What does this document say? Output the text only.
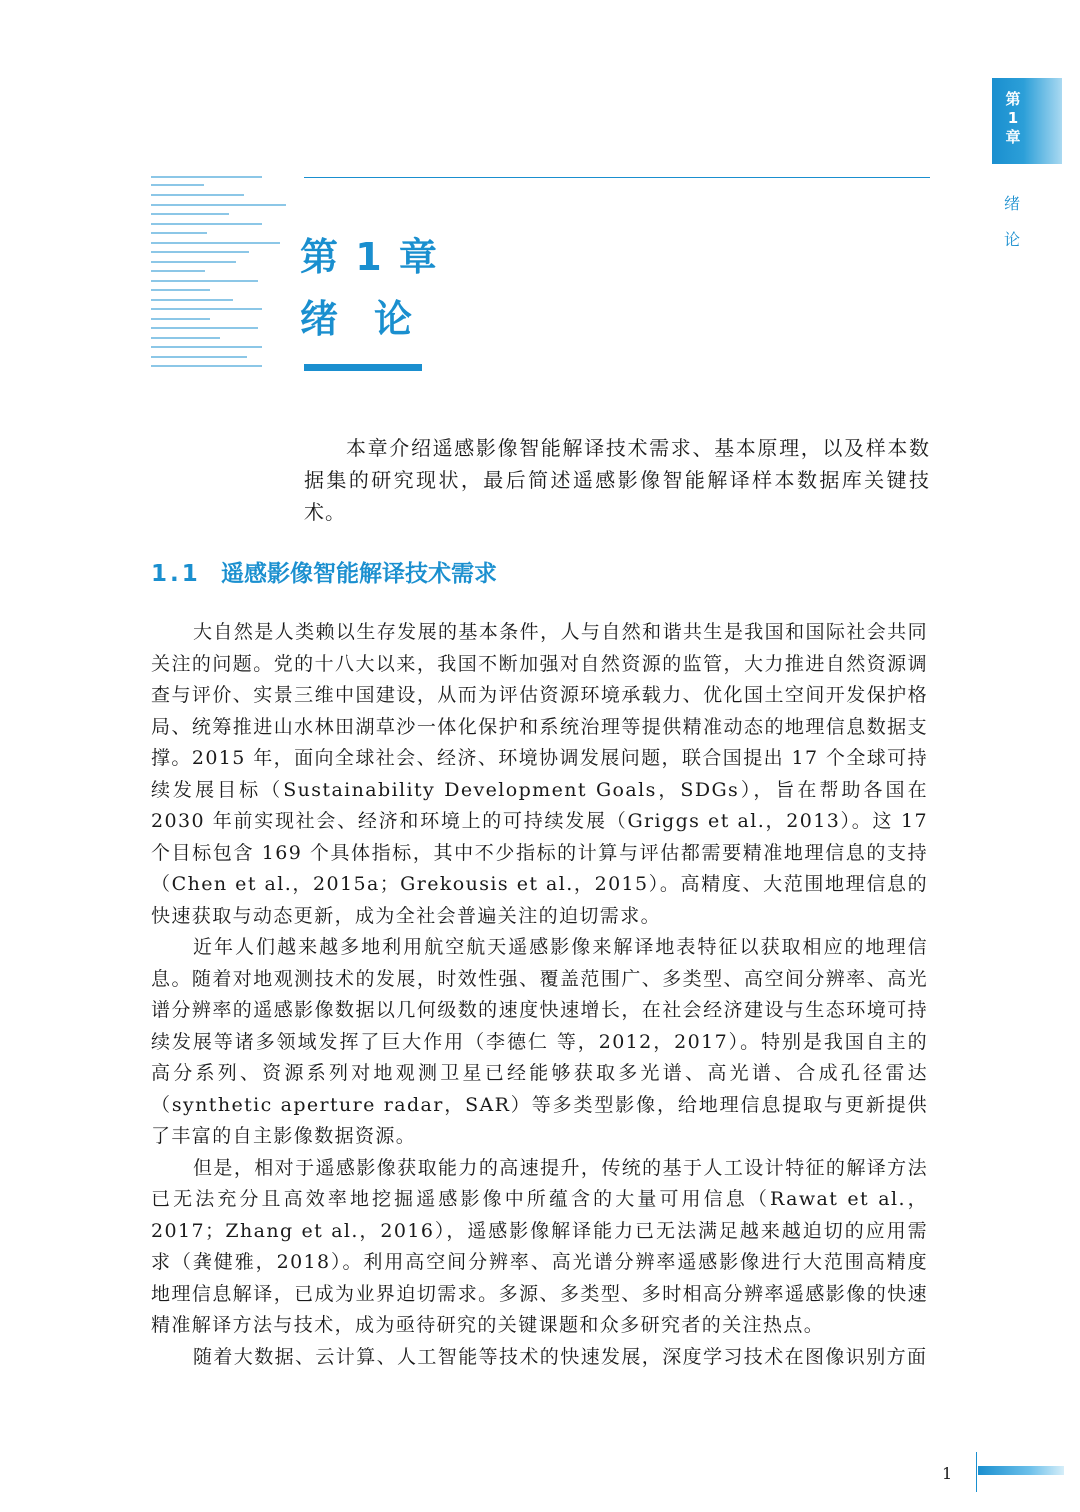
第
1
章
绪
论
第 1 章
绪论
本章介绍遥感影像智能解译技术需求、基本原理，以及样本数据集的研究现状，最后简述遥感影像智能解译样本数据库关键技术。
1.1 遥感影像智能解译技术需求

大自然是人类赖以生存发展的基本条件，人与自然和谐共生是我国和国际社会共同关注的问题。党的十八大以来，我国不断加强对自然资源的监管，大力推进自然资源调查与评价、实景三维中国建设，从而为评估资源环境承载力、优化国土空间开发保护格局、统筹推进山水林田湖草沙一体化保护和系统治理等提供精准动态的地理信息数据支撑。2015 年，面向全球社会、经济、环境协调发展问题，联合国提出 17 个全球可持续发展目标（Sustainability Development Goals，SDGs），旨在帮助各国在 2030 年前实现社会、经济和环境上的可持续发展（Griggs et al.，2013）。这 17 个目标包含 169 个具体指标，其中不少指标的计算与评估都需要精准地理信息的支持（Chen et al.，2015a；Grekousis et al.，2015）。高精度、大范围地理信息的快速获取与动态更新，成为全社会普遍关注的迫切需求。

近年人们越来越多地利用航空航天遥感影像来解译地表特征以获取相应的地理信息。随着对地观测技术的发展，时效性强、覆盖范围广、多类型、高空间分辨率、高光谱分辨率的遥感影像数据以几何级数的速度快速增长，在社会经济建设与生态环境可持续发展等诸多领域发挥了巨大作用（李德仁 等，2012，2017）。特别是我国自主的高分系列、资源系列对地观测卫星已经能够获取多光谱、高光谱、合成孔径雷达（synthetic aperture radar，SAR）等多类型影像，给地理信息提取与更新提供了丰富的自主影像数据资源。

但是，相对于遥感影像获取能力的高速提升，传统的基于人工设计特征的解译方法已无法充分且高效率地挖掘遥感影像中所蕴含的大量可用信息（Rawat et al.，2017；Zhang et al.，2016），遥感影像解译能力已无法满足越来越迫切的应用需求（龚健雅，2018）。利用高空间分辨率、高光谱分辨率遥感影像进行大范围高精度地理信息解译，已成为业界迫切需求。多源、多类型、多时相高分辨率遥感影像的快速精准解译方法与技术，成为亟待研究的关键课题和众多研究者的关注热点。

随着大数据、云计算、人工智能等技术的快速发展，深度学习技术在图像识别方面

1
